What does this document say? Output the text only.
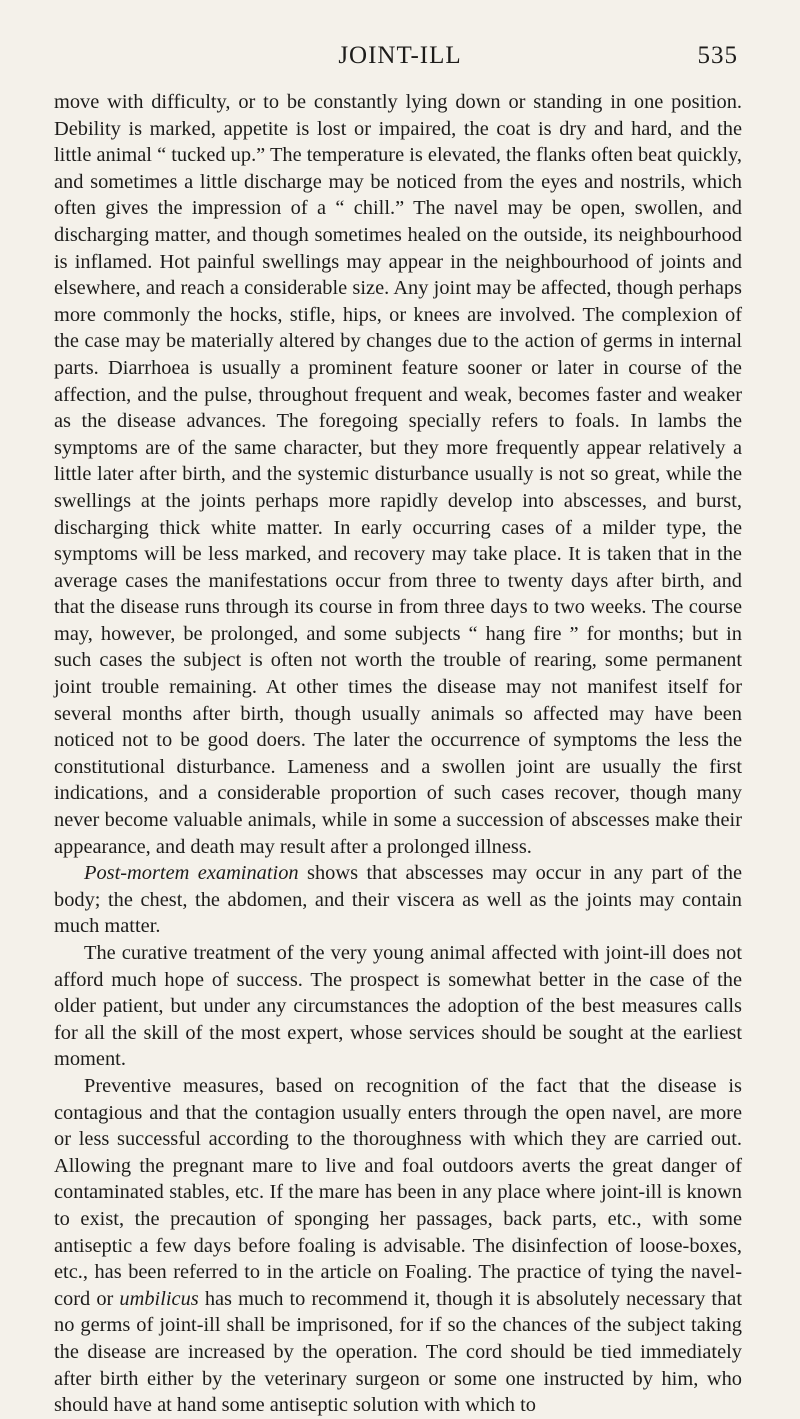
JOINT-ILL	535

move with difficulty, or to be constantly lying down or standing in one position. Debility is marked, appetite is lost or impaired, the coat is dry and hard, and the little animal “ tucked up.” The temperature is elevated, the flanks often beat quickly, and sometimes a little discharge may be noticed from the eyes and nostrils, which often gives the impression of a “ chill.” The navel may be open, swollen, and discharging matter, and though sometimes healed on the outside, its neighbourhood is inflamed. Hot painful swellings may appear in the neighbourhood of joints and elsewhere, and reach a considerable size. Any joint may be affected, though perhaps more commonly the hocks, stifle, hips, or knees are involved. The complexion of the case may be materially altered by changes due to the action of germs in internal parts. Diarrhoea is usually a prominent feature sooner or later in course of the affection, and the pulse, throughout frequent and weak, becomes faster and weaker as the disease advances. The foregoing specially refers to foals. In lambs the symptoms are of the same character, but they more frequently appear relatively a little later after birth, and the systemic disturbance usually is not so great, while the swellings at the joints perhaps more rapidly develop into abscesses, and burst, discharging thick white matter. In early occurring cases of a milder type, the symptoms will be less marked, and recovery may take place. It is taken that in the average cases the manifestations occur from three to twenty days after birth, and that the disease runs through its course in from three days to two weeks. The course may, however, be prolonged, and some subjects “ hang fire ” for months; but in such cases the subject is often not worth the trouble of rearing, some permanent joint trouble remaining. At other times the disease may not manifest itself for several months after birth, though usually animals so affected may have been noticed not to be good doers. The later the occurrence of symptoms the less the constitutional disturbance. Lameness and a swollen joint are usually the first indications, and a considerable proportion of such cases recover, though many never become valuable animals, while in some a succession of abscesses make their appearance, and death may result after a prolonged illness.

Post-mortem examination shows that abscesses may occur in any part of the body; the chest, the abdomen, and their viscera as well as the joints may contain much matter.

The curative treatment of the very young animal affected with joint-ill does not afford much hope of success. The prospect is somewhat better in the case of the older patient, but under any circumstances the adoption of the best measures calls for all the skill of the most expert, whose services should be sought at the earliest moment.

Preventive measures, based on recognition of the fact that the disease is contagious and that the contagion usually enters through the open navel, are more or less successful according to the thoroughness with which they are carried out. Allowing the pregnant mare to live and foal outdoors averts the great danger of contaminated stables, etc. If the mare has been in any place where joint-ill is known to exist, the precaution of sponging her passages, back parts, etc., with some antiseptic a few days before foaling is advisable. The disinfection of loose-boxes, etc., has been referred to in the article on Foaling. The practice of tying the navel-cord or umbilicus has much to recommend it, though it is absolutely necessary that no germs of joint-ill shall be imprisoned, for if so the chances of the subject taking the disease are increased by the operation. The cord should be tied immediately after birth either by the veterinary surgeon or some one instructed by him, who should have at hand some antiseptic solution with which to
